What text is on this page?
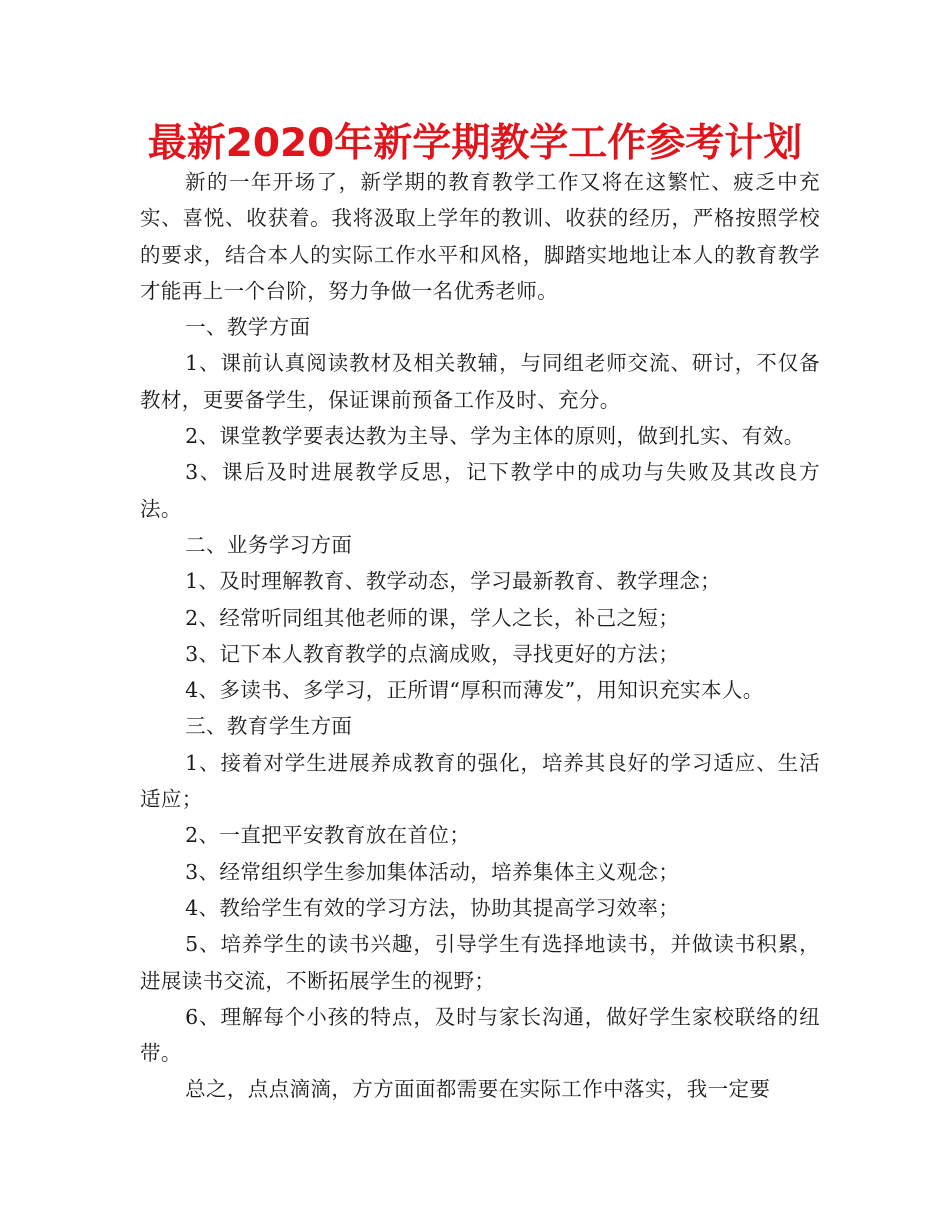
最新2020年新学期教学工作参考计划

新的一年开场了，新学期的教育教学工作又将在这繁忙、疲乏中充实、喜悦、收获着。我将汲取上学年的教训、收获的经历，严格按照学校的要求，结合本人的实际工作水平和风格，脚踏实地地让本人的教育教学才能再上一个台阶，努力争做一名优秀老师。

一、教学方面

1、课前认真阅读教材及相关教辅，与同组老师交流、研讨，不仅备教材，更要备学生，保证课前预备工作及时、充分。

2、课堂教学要表达教为主导、学为主体的原则，做到扎实、有效。

3、课后及时进展教学反思，记下教学中的成功与失败及其改良方法。

二、业务学习方面

1、及时理解教育、教学动态，学习最新教育、教学理念；

2、经常听同组其他老师的课，学人之长，补己之短；

3、记下本人教育教学的点滴成败，寻找更好的方法；

4、多读书、多学习，正所谓“厚积而薄发”，用知识充实本人。

三、教育学生方面

1、接着对学生进展养成教育的强化，培养其良好的学习适应、生活适应；

2、一直把平安教育放在首位；

3、经常组织学生参加集体活动，培养集体主义观念；

4、教给学生有效的学习方法，协助其提高学习效率；

5、培养学生的读书兴趣，引导学生有选择地读书，并做读书积累，进展读书交流，不断拓展学生的视野；

6、理解每个小孩的特点，及时与家长沟通，做好学生家校联络的纽带。

总之，点点滴滴，方方面面都需要在实际工作中落实，我一定要
